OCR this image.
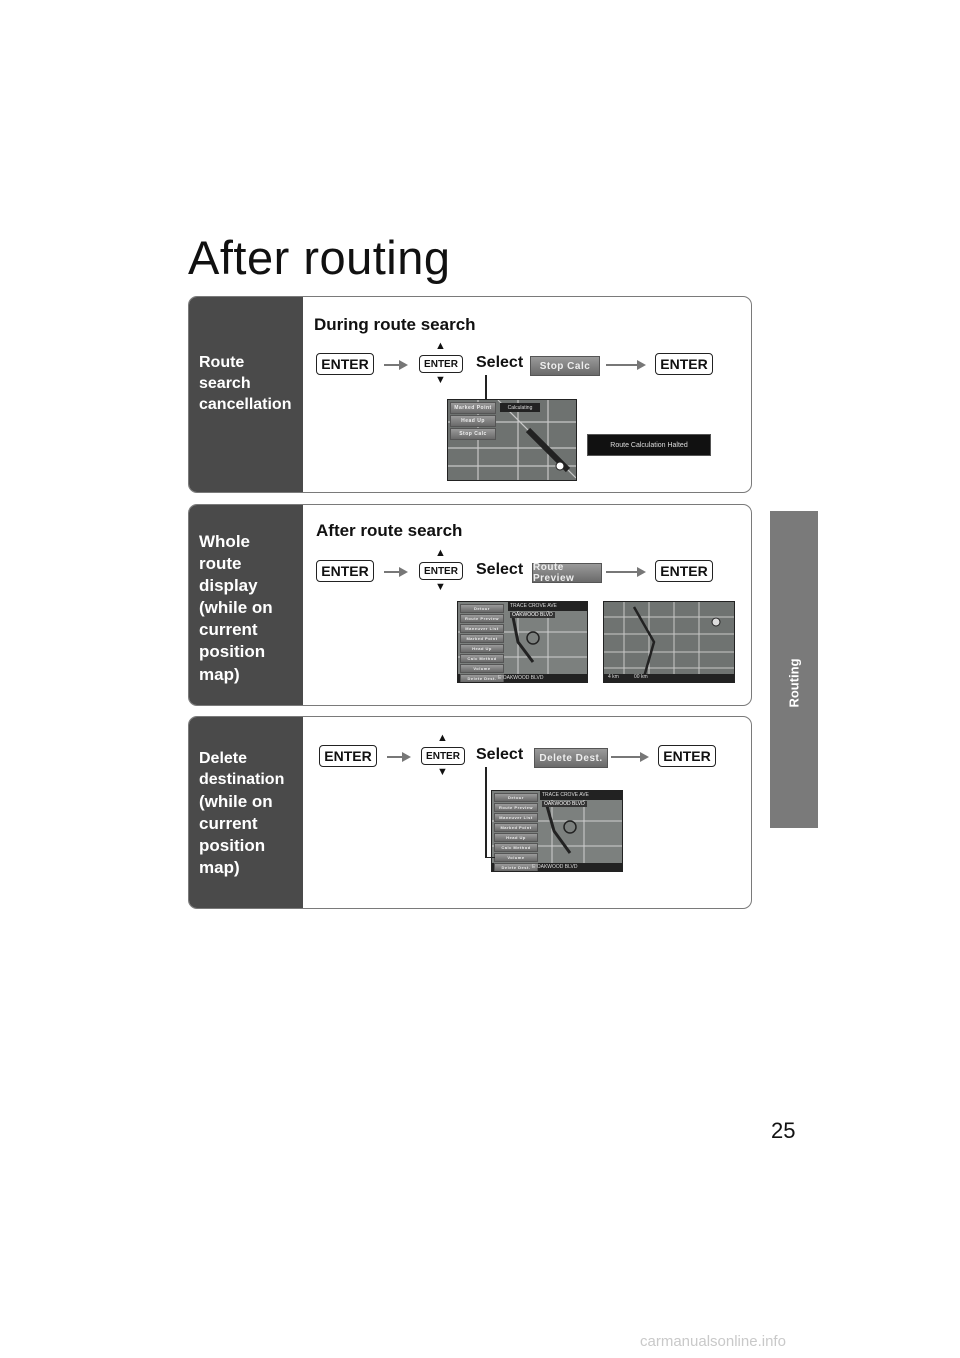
After routing
Routing
Route
search
cancellation
During route search
ENTER
▲
ENTER
▼
Select	Stop Calc	ENTER
Marked Point
Head Up
Stop Calc
Calculating
Route Calculation Halted
Whole
route
display
(while on
current
position
map)
After route search
ENTER
▲
ENTER
▼
Select Route Preview	ENTER
Detour
Route Preview
Maneuver List
Marked Point
Head Up
Calc Method
Volume
Delete Dest.
TRACE CROVE AVE
OAKWOOD BLVD
E OAKWOOD BLVD	4 km	00 km
Delete
destination
(while on
current
position
map)
ENTER
▲
ENTER
▼
Select	Delete Dest.	ENTER
Detour
Route Preview
Maneuver List
Marked Point
Head Up
Calc Method
Volume
Delete Dest.
TRACE CROVE AVE
OAKWOOD BLVD
E OAKWOOD BLVD
25
carmanualsonline.info
